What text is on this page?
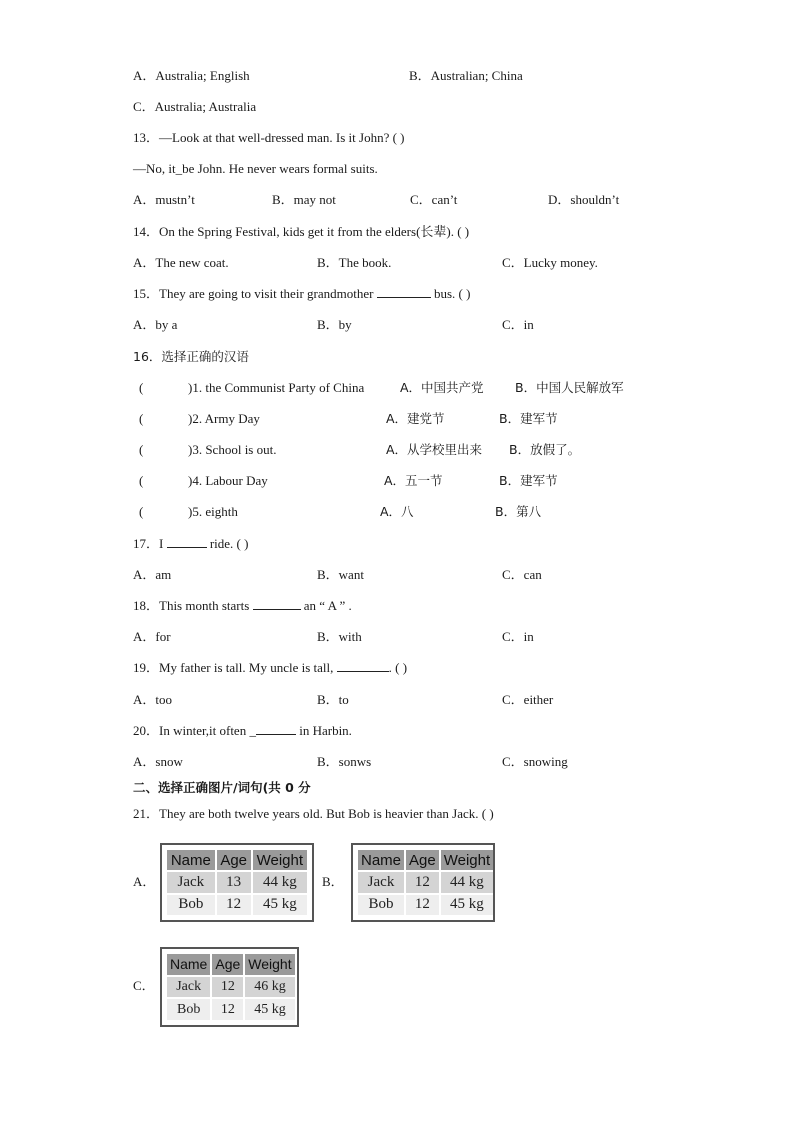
A．Australia; English	B．Australian; China
C．Australia; Australia
13．—Look at that well-dressed man. Is it John? ( )
—No, it_be John. He never wears formal suits.
A．mustn’t	B．may not	C．can’t	D．shouldn’t
14．On the Spring Festival, kids get it from the elders(长辈). ( )
A．The new coat.	B．The book.	C．Lucky money.
15．They are going to visit their grandmother	bus. ( )
A．by a	B．by	C．in
16．选择正确的汉语
(	)1. the Communist Party of China	A．中国共产党	B．中国人民解放军
(	)2. Army Day	A．建党节	B．建军节
(	)3. School is out.	A．从学校里出来 B．放假了。
(	)4. Labour Day	A．五一节	B．建军节
(	)5. eighth	A．八	B．第八
17．I	ride. ( )
A．am	B．want	C．can
18．This month starts	an “ A ” .
A．for	B．with	C．in
19．My father is tall. My uncle is tall,	. ( )
A．too	B．to	C．either
20．In winter,it often _	in Harbin.
A．snow	B．sonws	C．snowing
二、选择正确图片/词句(共 0 分
21．They are both twelve years old. But Bob is heavier than Jack. ( )
A．
Name	Age	Weight
Jack	13	44 kg
Bob	12	45 kg
B．
Name	Age	Weight
Jack	12	44 kg
Bob	12	45 kg
C．
Name	Age	Weight
Jack	12	46 kg
Bob	12	45 kg
